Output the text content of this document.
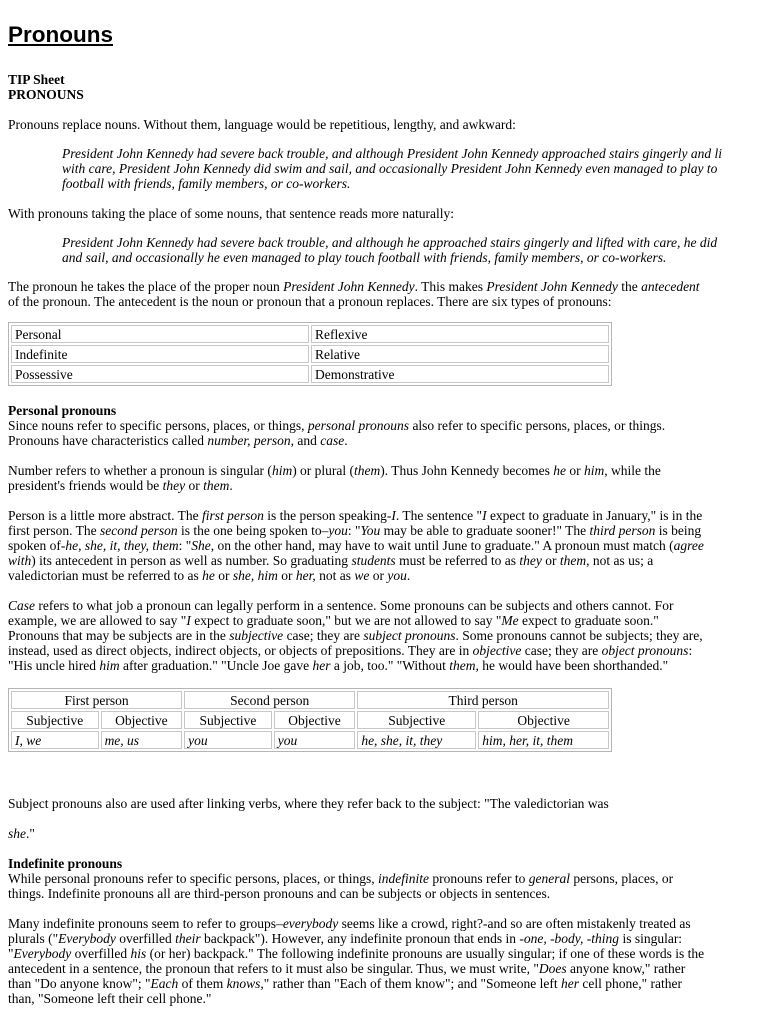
Pronouns

TIP Sheet

PRONOUNS

Pronouns replace nouns. Without them, language would be repetitious, lengthy, and awkward:

President John Kennedy had severe back trouble, and although President John Kennedy approached stairs gingerly and li

with care, President John Kennedy did swim and sail, and occasionally President John Kennedy even managed to play to

football with friends, family members, or co-workers.

With pronouns taking the place of some nouns, that sentence reads more naturally:

President John Kennedy had severe back trouble, and although he approached stairs gingerly and lifted with care, he did

and sail, and occasionally he even managed to play touch football with friends, family members, or co-workers.

The pronoun he takes the place of the proper noun President John Kennedy. This makes President John Kennedy the antecedent

of the pronoun. The antecedent is the noun or pronoun that a pronoun replaces. There are six types of pronouns:

Personal	Reflexive
Indefinite	Relative
Possessive	Demonstrative

Personal pronouns

Since nouns refer to specific persons, places, or things, personal pronouns also refer to specific persons, places, or things.

Pronouns have characteristics called number, person, and case.

Number refers to whether a pronoun is singular (him) or plural (them). Thus John Kennedy becomes he or him, while the

president's friends would be they or them.

Person is a little more abstract. The first person is the person speaking-I. The sentence "I expect to graduate in January," is in the

first person. The second person is the one being spoken to–you: "You may be able to graduate sooner!" The third person is being

spoken of-he, she, it, they, them: "She, on the other hand, may have to wait until June to graduate." A pronoun must match (agree

with) its antecedent in person as well as number. So graduating students must be referred to as they or them, not as us; a

valedictorian must be referred to as he or she, him or her, not as we or you.

Case refers to what job a pronoun can legally perform in a sentence. Some pronouns can be subjects and others cannot. For

example, we are allowed to say "I expect to graduate soon," but we are not allowed to say "Me expect to graduate soon."

Pronouns that may be subjects are in the subjective case; they are subject pronouns. Some pronouns cannot be subjects; they are,

instead, used as direct objects, indirect objects, or objects of prepositions. They are in objective case; they are object pronouns:

"His uncle hired him after graduation." "Uncle Joe gave her a job, too." "Without them, he would have been shorthanded."

First person		Second person		Third person	
Subjective	Objective	Subjective	Objective	Subjective	Objective
I, we	me, us	you	you	he, she, it, they	him, her, it, them

Subject pronouns also are used after linking verbs, where they refer back to the subject: "The valedictorian was

she."

Indefinite pronouns

While personal pronouns refer to specific persons, places, or things, indefinite pronouns refer to general persons, places, or

things. Indefinite pronouns all are third-person pronouns and can be subjects or objects in sentences.

Many indefinite pronouns seem to refer to groups–everybody seems like a crowd, right?-and so are often mistakenly treated as

plurals ("Everybody overfilled their backpack"). However, any indefinite pronoun that ends in -one, -body, -thing is singular:

"Everybody overfilled his (or her) backpack." The following indefinite pronouns are usually singular; if one of these words is the

antecedent in a sentence, the pronoun that refers to it must also be singular. Thus, we must write, "Does anyone know," rather

than "Do anyone know"; "Each of them knows," rather than "Each of them know"; and "Someone left her cell phone," rather

than, "Someone left their cell phone."
